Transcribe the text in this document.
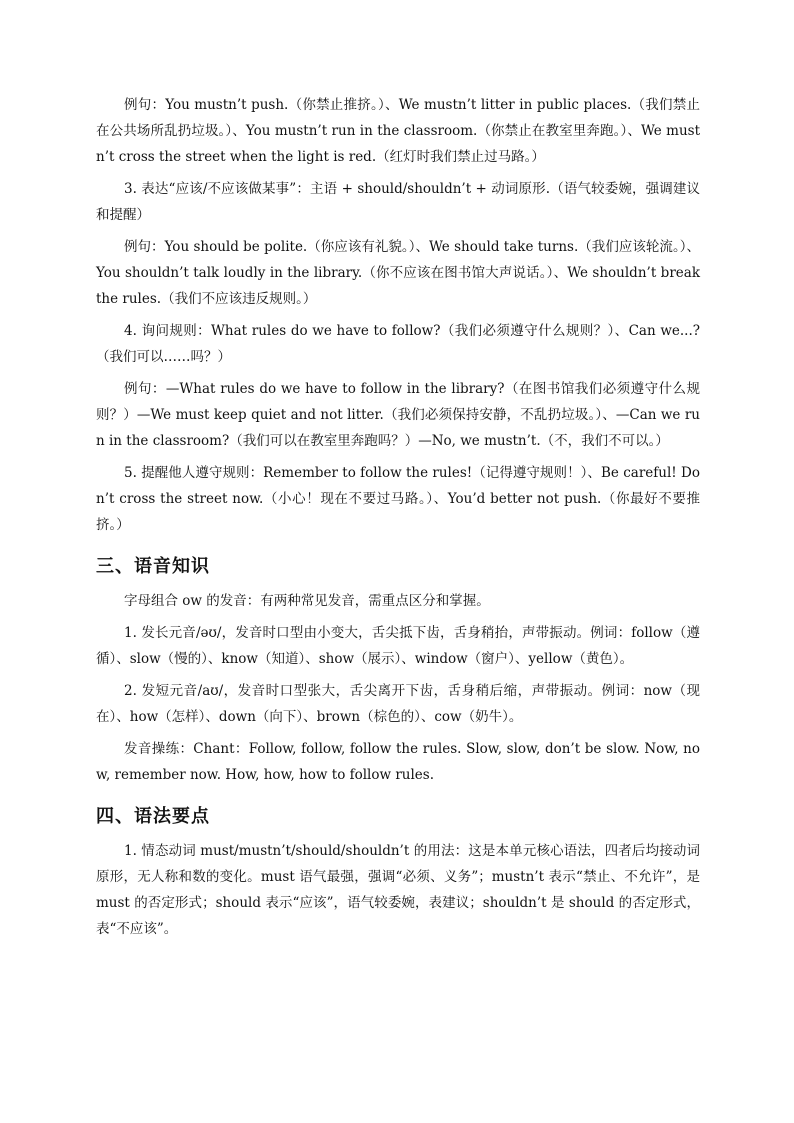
例句：You mustn’t push.（你禁止推挤。）、We mustn’t litter in public places.（我们禁止在公共场所乱扔垃圾。）、You mustn’t run in the classroom.（你禁止在教室里奔跑。）、We mustn’t cross the street when the light is red.（红灯时我们禁止过马路。）

3. 表达“应该/不应该做某事”：主语 + should/shouldn’t + 动词原形.（语气较委婉，强调建议和提醒）

例句：You should be polite.（你应该有礼貌。）、We should take turns.（我们应该轮流。）、You shouldn’t talk loudly in the library.（你不应该在图书馆大声说话。）、We shouldn’t break the rules.（我们不应该违反规则。）

4. 询问规则：What rules do we have to follow?（我们必须遵守什么规则？）、Can we...?（我们可以……吗？）

例句：—What rules do we have to follow in the library?（在图书馆我们必须遵守什么规则？）—We must keep quiet and not litter.（我们必须保持安静，不乱扔垃圾。）、—Can we run in the classroom?（我们可以在教室里奔跑吗？）—No, we mustn’t.（不，我们不可以。）

5. 提醒他人遵守规则：Remember to follow the rules!（记得遵守规则！）、Be careful! Don’t cross the street now.（小心！现在不要过马路。）、You’d better not push.（你最好不要推挤。）

三、语音知识

字母组合 ow 的发音：有两种常见发音，需重点区分和掌握。

1. 发长元音/əʊ/，发音时口型由小变大，舌尖抵下齿，舌身稍抬，声带振动。例词：follow（遵循）、slow（慢的）、know（知道）、show（展示）、window（窗户）、yellow（黄色）。

2. 发短元音/aʊ/，发音时口型张大，舌尖离开下齿，舌身稍后缩，声带振动。例词：now（现在）、how（怎样）、down（向下）、brown（棕色的）、cow（奶牛）。

发音操练：Chant：Follow, follow, follow the rules. Slow, slow, don’t be slow. Now, now, remember now. How, how, how to follow rules.

四、语法要点

1. 情态动词 must/mustn’t/should/shouldn’t 的用法：这是本单元核心语法，四者后均接动词原形，无人称和数的变化。must 语气最强，强调“必须、义务”；mustn’t 表示“禁止、不允许”，是 must 的否定形式；should 表示“应该”，语气较委婉，表建议；shouldn’t 是 should 的否定形式，表“不应该”。
